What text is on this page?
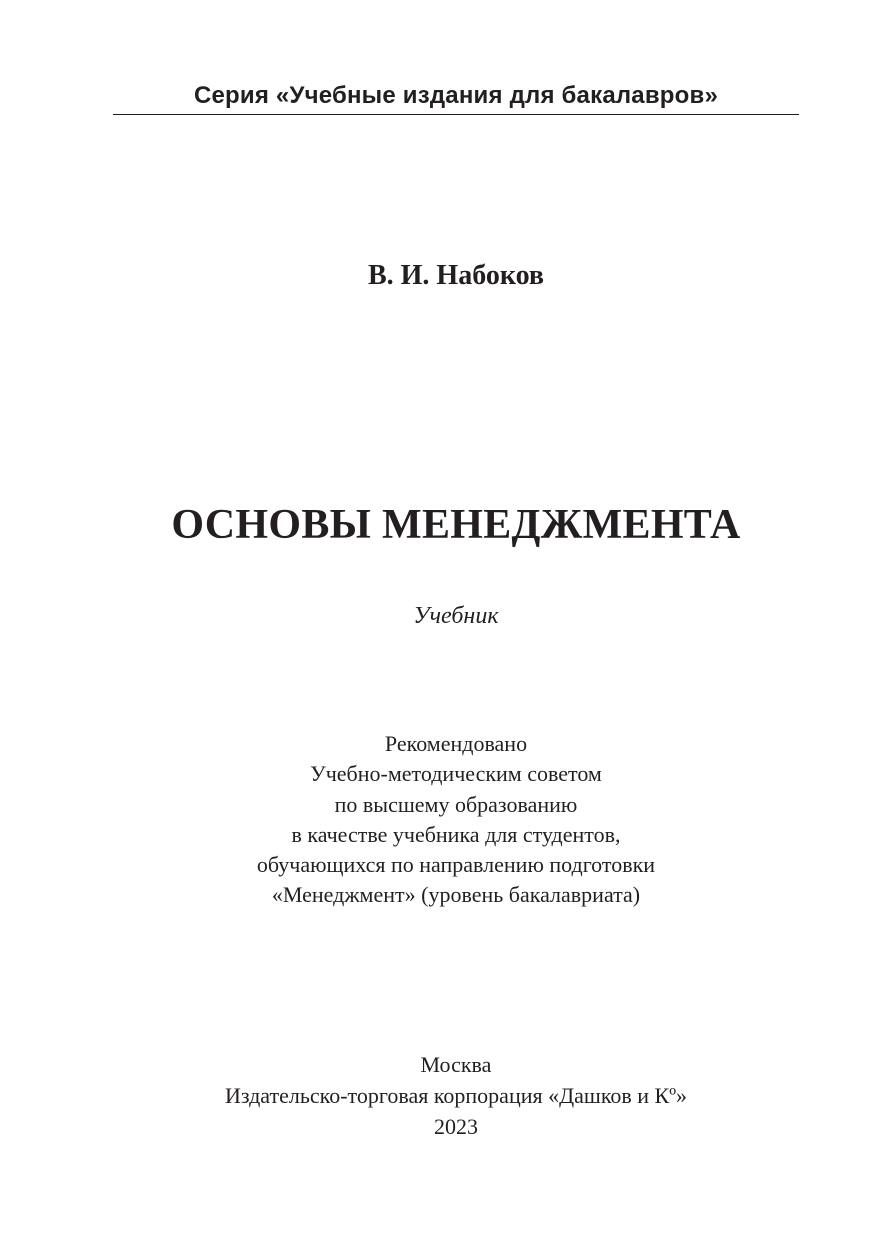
Серия «Учебные издания для бакалавров»
В. И. Набоков
ОСНОВЫ МЕНЕДЖМЕНТА
Учебник
Рекомендовано
Учебно-методическим советом
по высшему образованию
в качестве учебника для студентов,
обучающихся по направлению подготовки
«Менеджмент» (уровень бакалавриата)
Москва
Издательско-торговая корпорация «Дашков и Кº»
2023
